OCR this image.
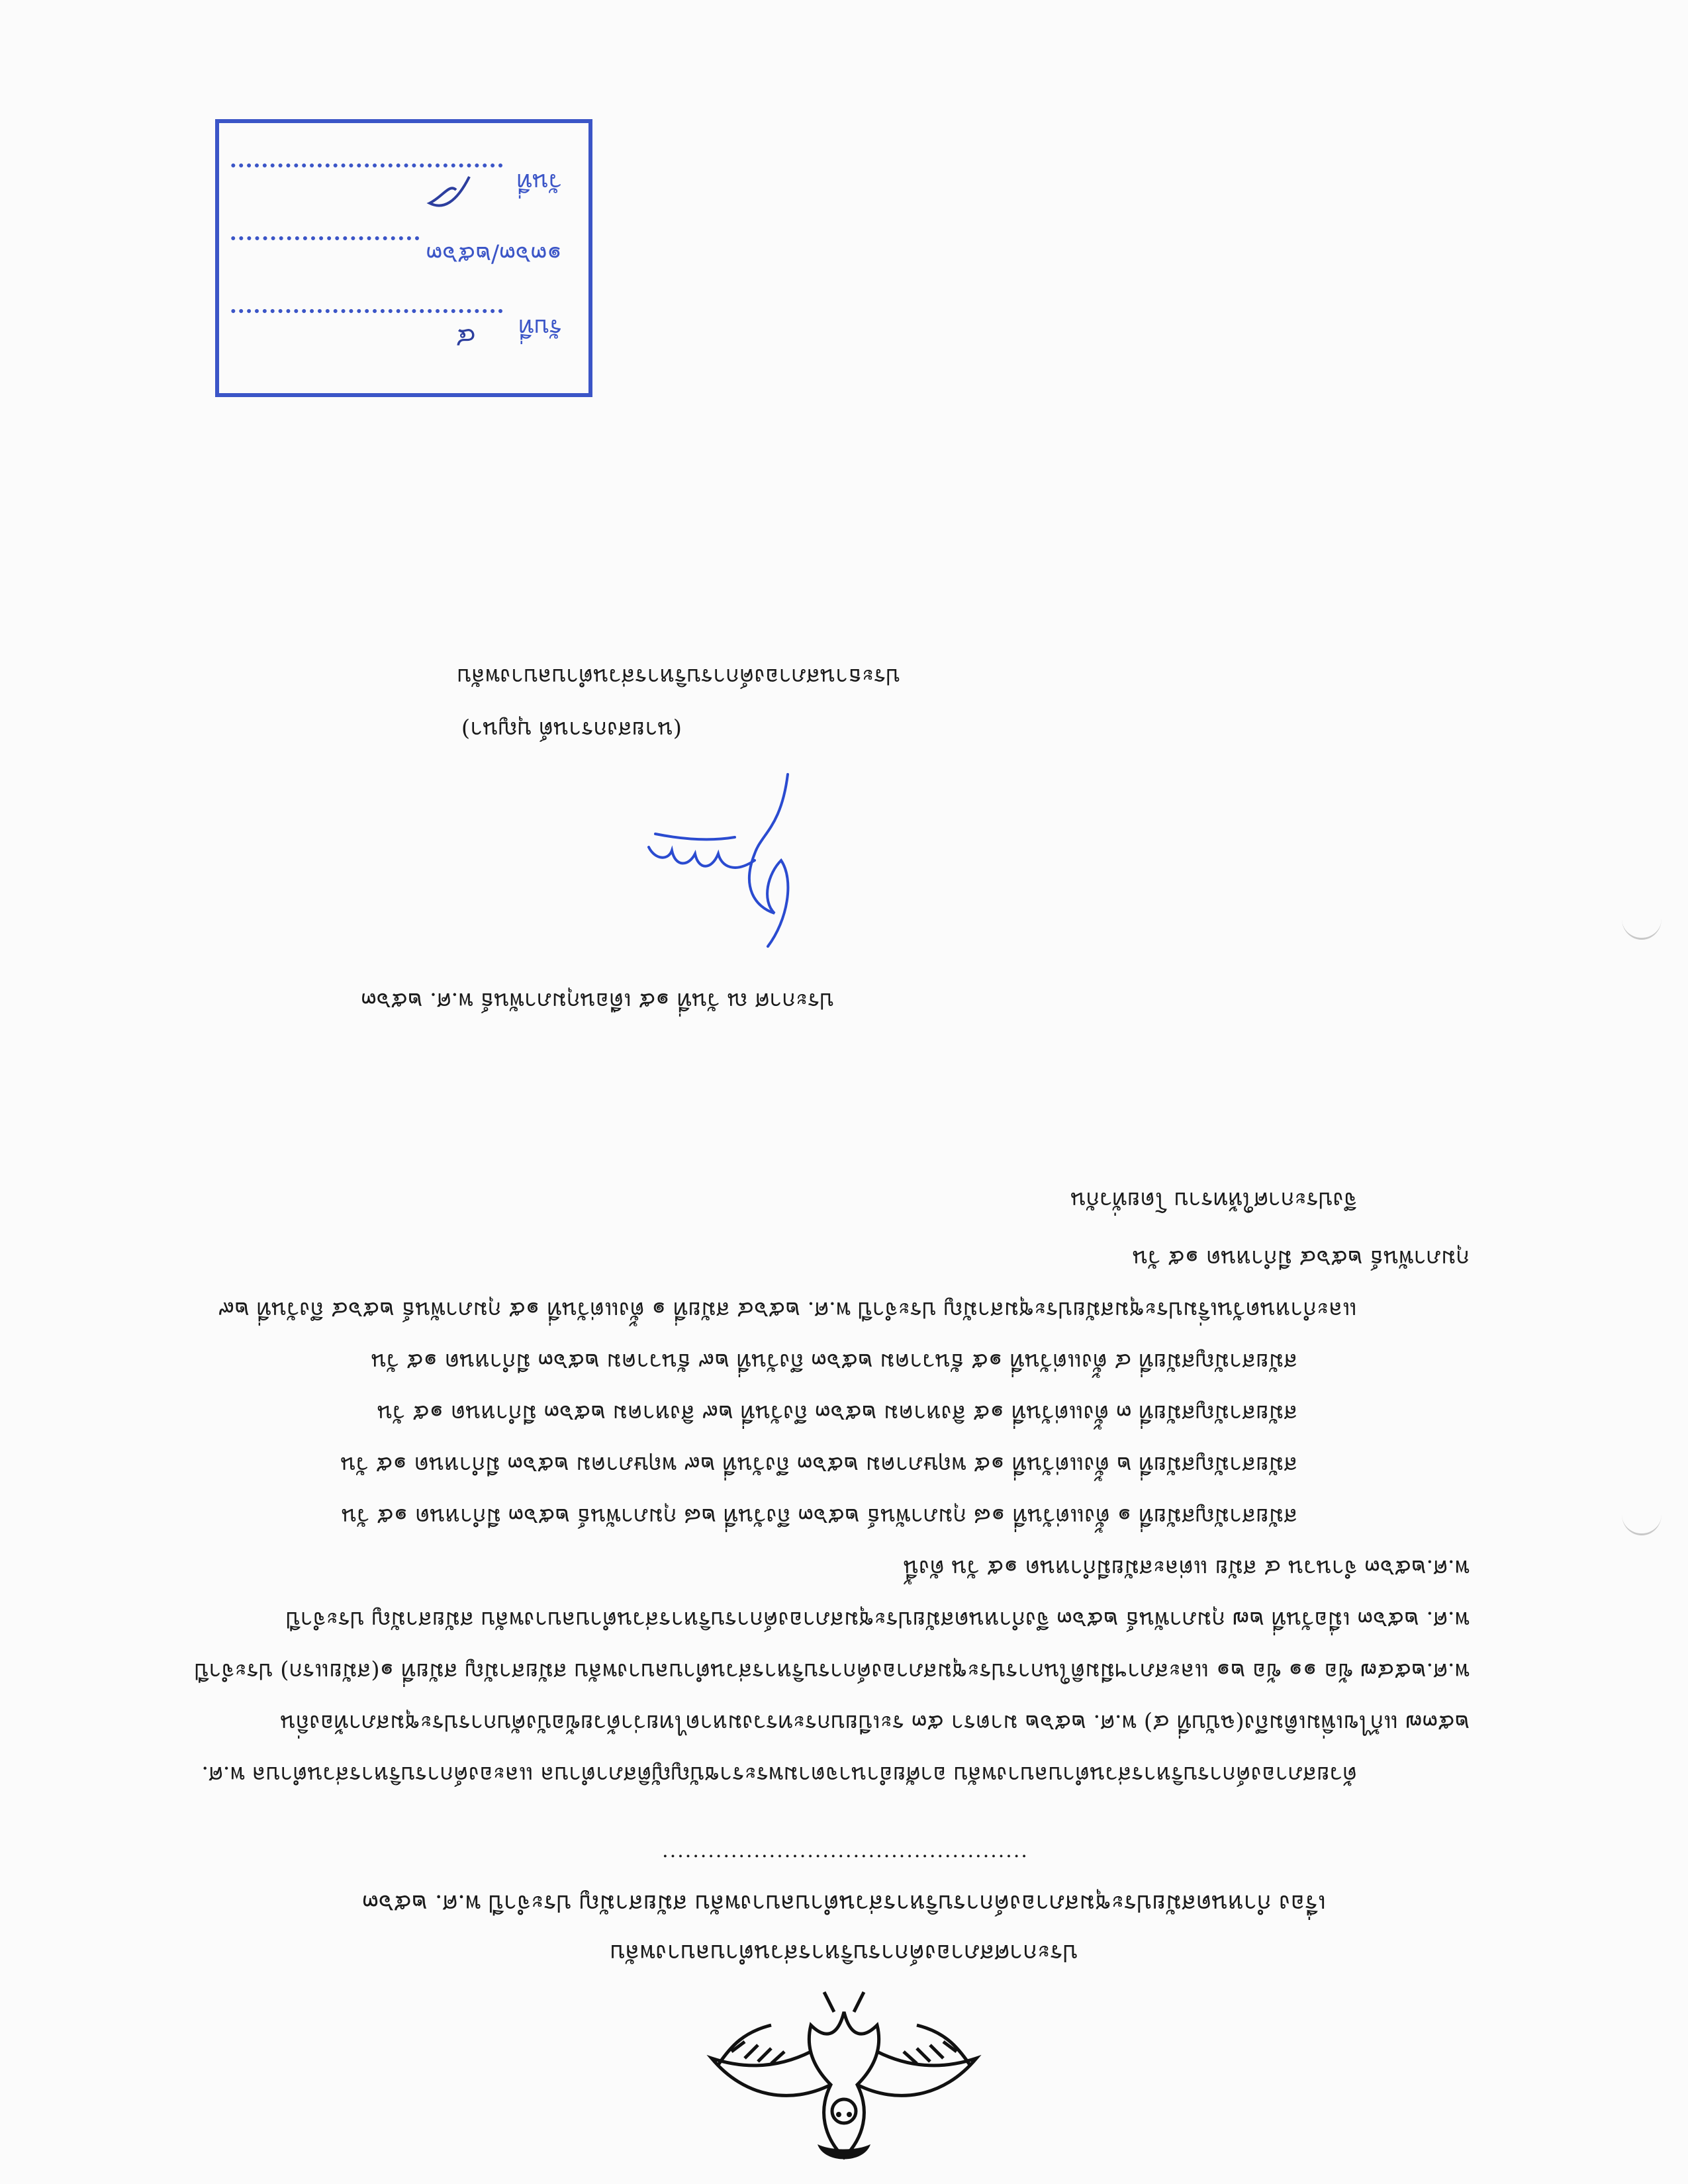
ประกาศสภาองค์การบริหารส่วนตำบลบางพลับ
เรื่อง กำหนดสมัยประชุมสภาองค์การบริหารส่วนตำบลบางพลับ สมัยสามัญ ประจำปี พ.ศ. ๒๕๖๓
................................................

ด้วยสภาองค์การบริหารส่วนตำบลบางพลับ อาศัยอำนาจตามพระราชบัญญัติสภาตำบล และองค์การบริหารส่วนตำบล พ.ศ. ๒๕๓๗ แก้ไขเพิ่มเติมถึง(ฉบับที่ ๔) พ.ศ. ๒๕๖๒ มาตรา ๕๓ ระเบียบกระทรวงมหาดไทยว่าด้วยข้อบังคับการประชุมสภาท้องถิ่น พ.ศ.๒๕๔๗ ข้อ ๑๑ ข้อ ๒๑ และสภาฯมีมติในการประชุมสภาองค์การบริหารส่วนตำบลบางพลับ สมัยสามัญ สมัยที่ ๑(สมัยแรก) ประจำปี พ.ศ. ๒๕๖๓ เมื่อวันที่ ๒๗ กุมภาพันธ์ ๒๕๖๓ จึงกำหนดสมัยประชุมสภาองค์การบริหารส่วนตำบลบางพลับ สมัยสามัญ ประจำปี พ.ศ.๒๕๖๓ จำนวน ๔ สมัย แต่ละสมัยมีกำหนด ๑๕ วัน ดังนี้

สมัยสามัญสมัยที่ ๑ ตั้งแต่วันที่ ๑๘ กุมภาพันธ์ ๒๕๖๓ ถึงวันที่ ๒๘ กุมภาพันธ์ ๒๕๖๓ มีกำหนด ๑๕ วัน

สมัยสามัญสมัยที่ ๒ ตั้งแต่วันที่ ๑๕ พฤษภาคม ๒๕๖๓ ถึงวันที่ ๒๙ พฤษภาคม ๒๕๖๓ มีกำหนด ๑๕ วัน

สมัยสามัญสมัยที่ ๓ ตั้งแต่วันที่ ๑๕ สิงหาคม ๒๕๖๓ ถึงวันที่ ๒๙ สิงหาคม ๒๕๖๓ มีกำหนด ๑๕ วัน

สมัยสามัญสมัยที่ ๔ ตั้งแต่วันที่ ๑๕ ธันวาคม ๒๕๖๓ ถึงวันที่ ๒๙ ธันวาคม ๒๕๖๓ มีกำหนด ๑๕ วัน

และกำหนดวันเริ่มประชุมสมัยประชุมสามัญ ประจำปี พ.ศ. ๒๕๖๔ สมัยที่ ๑ ตั้งแต่วันที่ ๑๕ กุมภาพันธ์ ๒๕๖๔ ถึงวันที่ ๒๙ กุมภาพันธ์ ๒๕๖๔ มีกำหนด ๑๕ วัน

จึงประกาศให้ทราบ โดยทั่วกัน

ประกาศ ณ วันที่ ๑๕ เดือนกุมภาพันธ์ พ.ศ. ๒๕๖๓
(นายสงกรานต์ บุญนา)
ประธานสภาองค์การบริหารส่วนตำบลบางพลับ
รับที่
๔
๑๓๖๓/๒๕๖๓
วันที่
